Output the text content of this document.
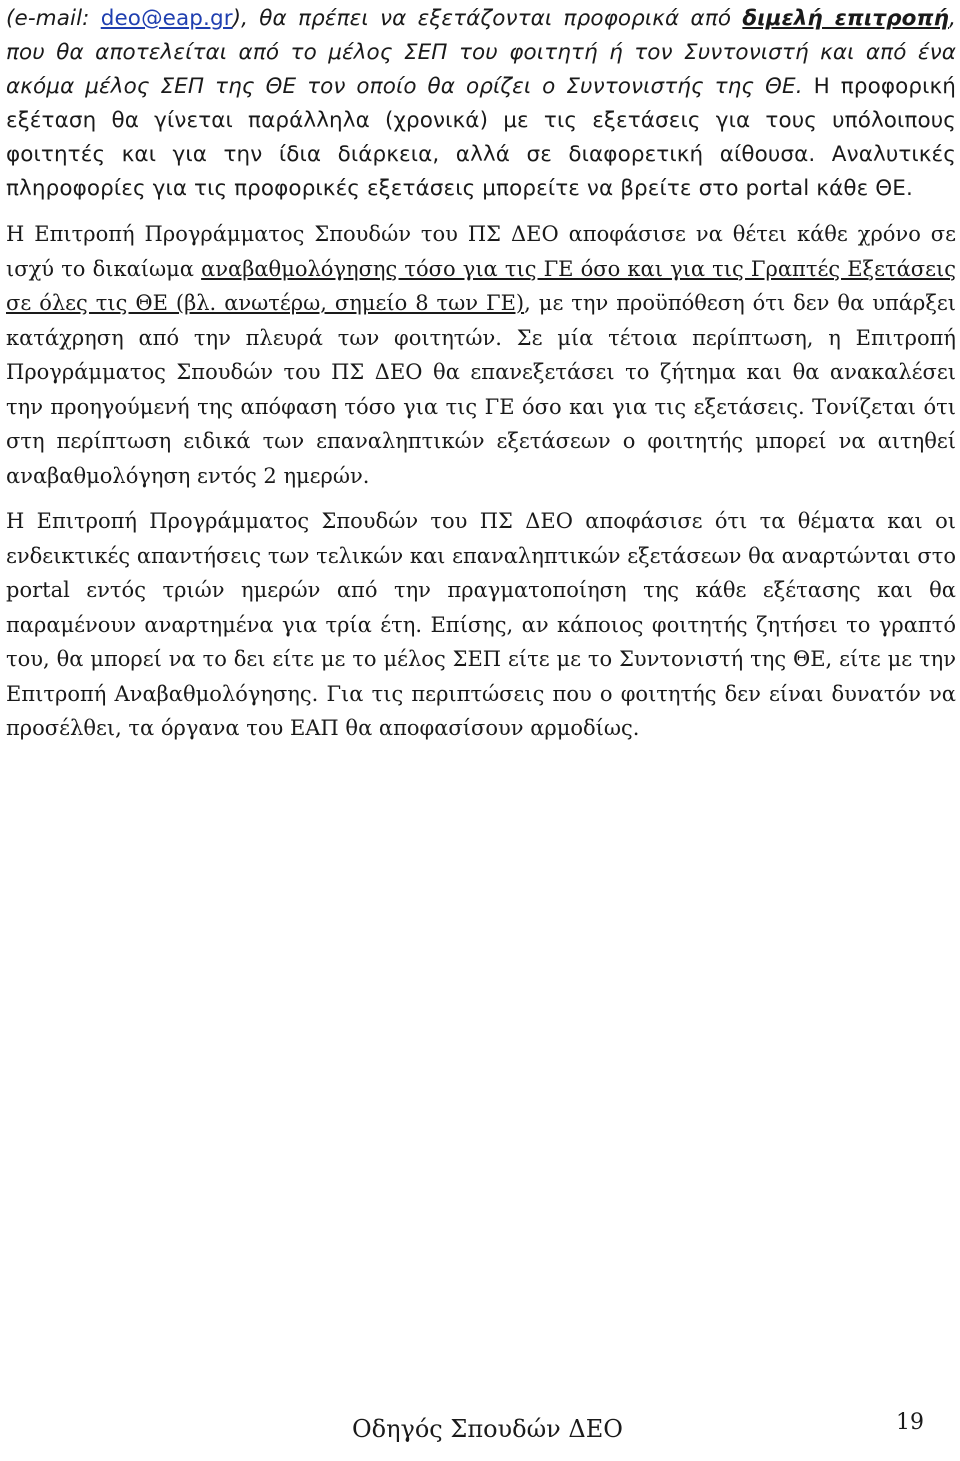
(e-mail: deo@eap.gr), θα πρέπει να εξετάζονται προφορικά από διμελή επιτροπή, που θα αποτελείται από το μέλος ΣΕΠ του φοιτητή ή τον Συντονιστή και από ένα ακόμα μέλος ΣΕΠ της ΘΕ τον οποίο θα ορίζει ο Συντονιστής της ΘΕ. Η προφορική εξέταση θα γίνεται παράλληλα (χρονικά) με τις εξετάσεις για τους υπόλοιπους φοιτητές και για την ίδια διάρκεια, αλλά σε διαφορετική αίθουσα. Αναλυτικές πληροφορίες για τις προφορικές εξετάσεις μπορείτε να βρείτε στο portal κάθε ΘΕ.

Η Επιτροπή Προγράμματος Σπουδών του ΠΣ ΔΕΟ αποφάσισε να θέτει κάθε χρόνο σε ισχύ το δικαίωμα αναβαθμολόγησης τόσο για τις ΓΕ όσο και για τις Γραπτές Εξετάσεις σε όλες τις ΘΕ (βλ. ανωτέρω, σημείο 8 των ΓΕ), με την προϋπόθεση ότι δεν θα υπάρξει κατάχρηση από την πλευρά των φοιτητών. Σε μία τέτοια περίπτωση, η Επιτροπή Προγράμματος Σπουδών του ΠΣ ΔΕΟ θα επανεξετάσει το ζήτημα και θα ανακαλέσει την προηγούμενή της απόφαση τόσο για τις ΓΕ όσο και για τις εξετάσεις. Τονίζεται ότι στη περίπτωση ειδικά των επαναληπτικών εξετάσεων ο φοιτητής μπορεί να αιτηθεί αναβαθμολόγηση εντός 2 ημερών.

Η Επιτροπή Προγράμματος Σπουδών του ΠΣ ΔΕΟ αποφάσισε ότι τα θέματα και οι ενδεικτικές απαντήσεις των τελικών και επαναληπτικών εξετάσεων θα αναρτώνται στο portal εντός τριών ημερών από την πραγματοποίηση της κάθε εξέτασης και θα παραμένουν αναρτημένα για τρία έτη. Επίσης, αν κάποιος φοιτητής ζητήσει το γραπτό του, θα μπορεί να το δει είτε με το μέλος ΣΕΠ είτε με το Συντονιστή της ΘΕ, είτε με την Επιτροπή Αναβαθμολόγησης. Για τις περιπτώσεις που ο φοιτητής δεν είναι δυνατόν να προσέλθει, τα όργανα του ΕΑΠ θα αποφασίσουν αρμοδίως.

Οδηγός Σπουδών ΔΕΟ	19
